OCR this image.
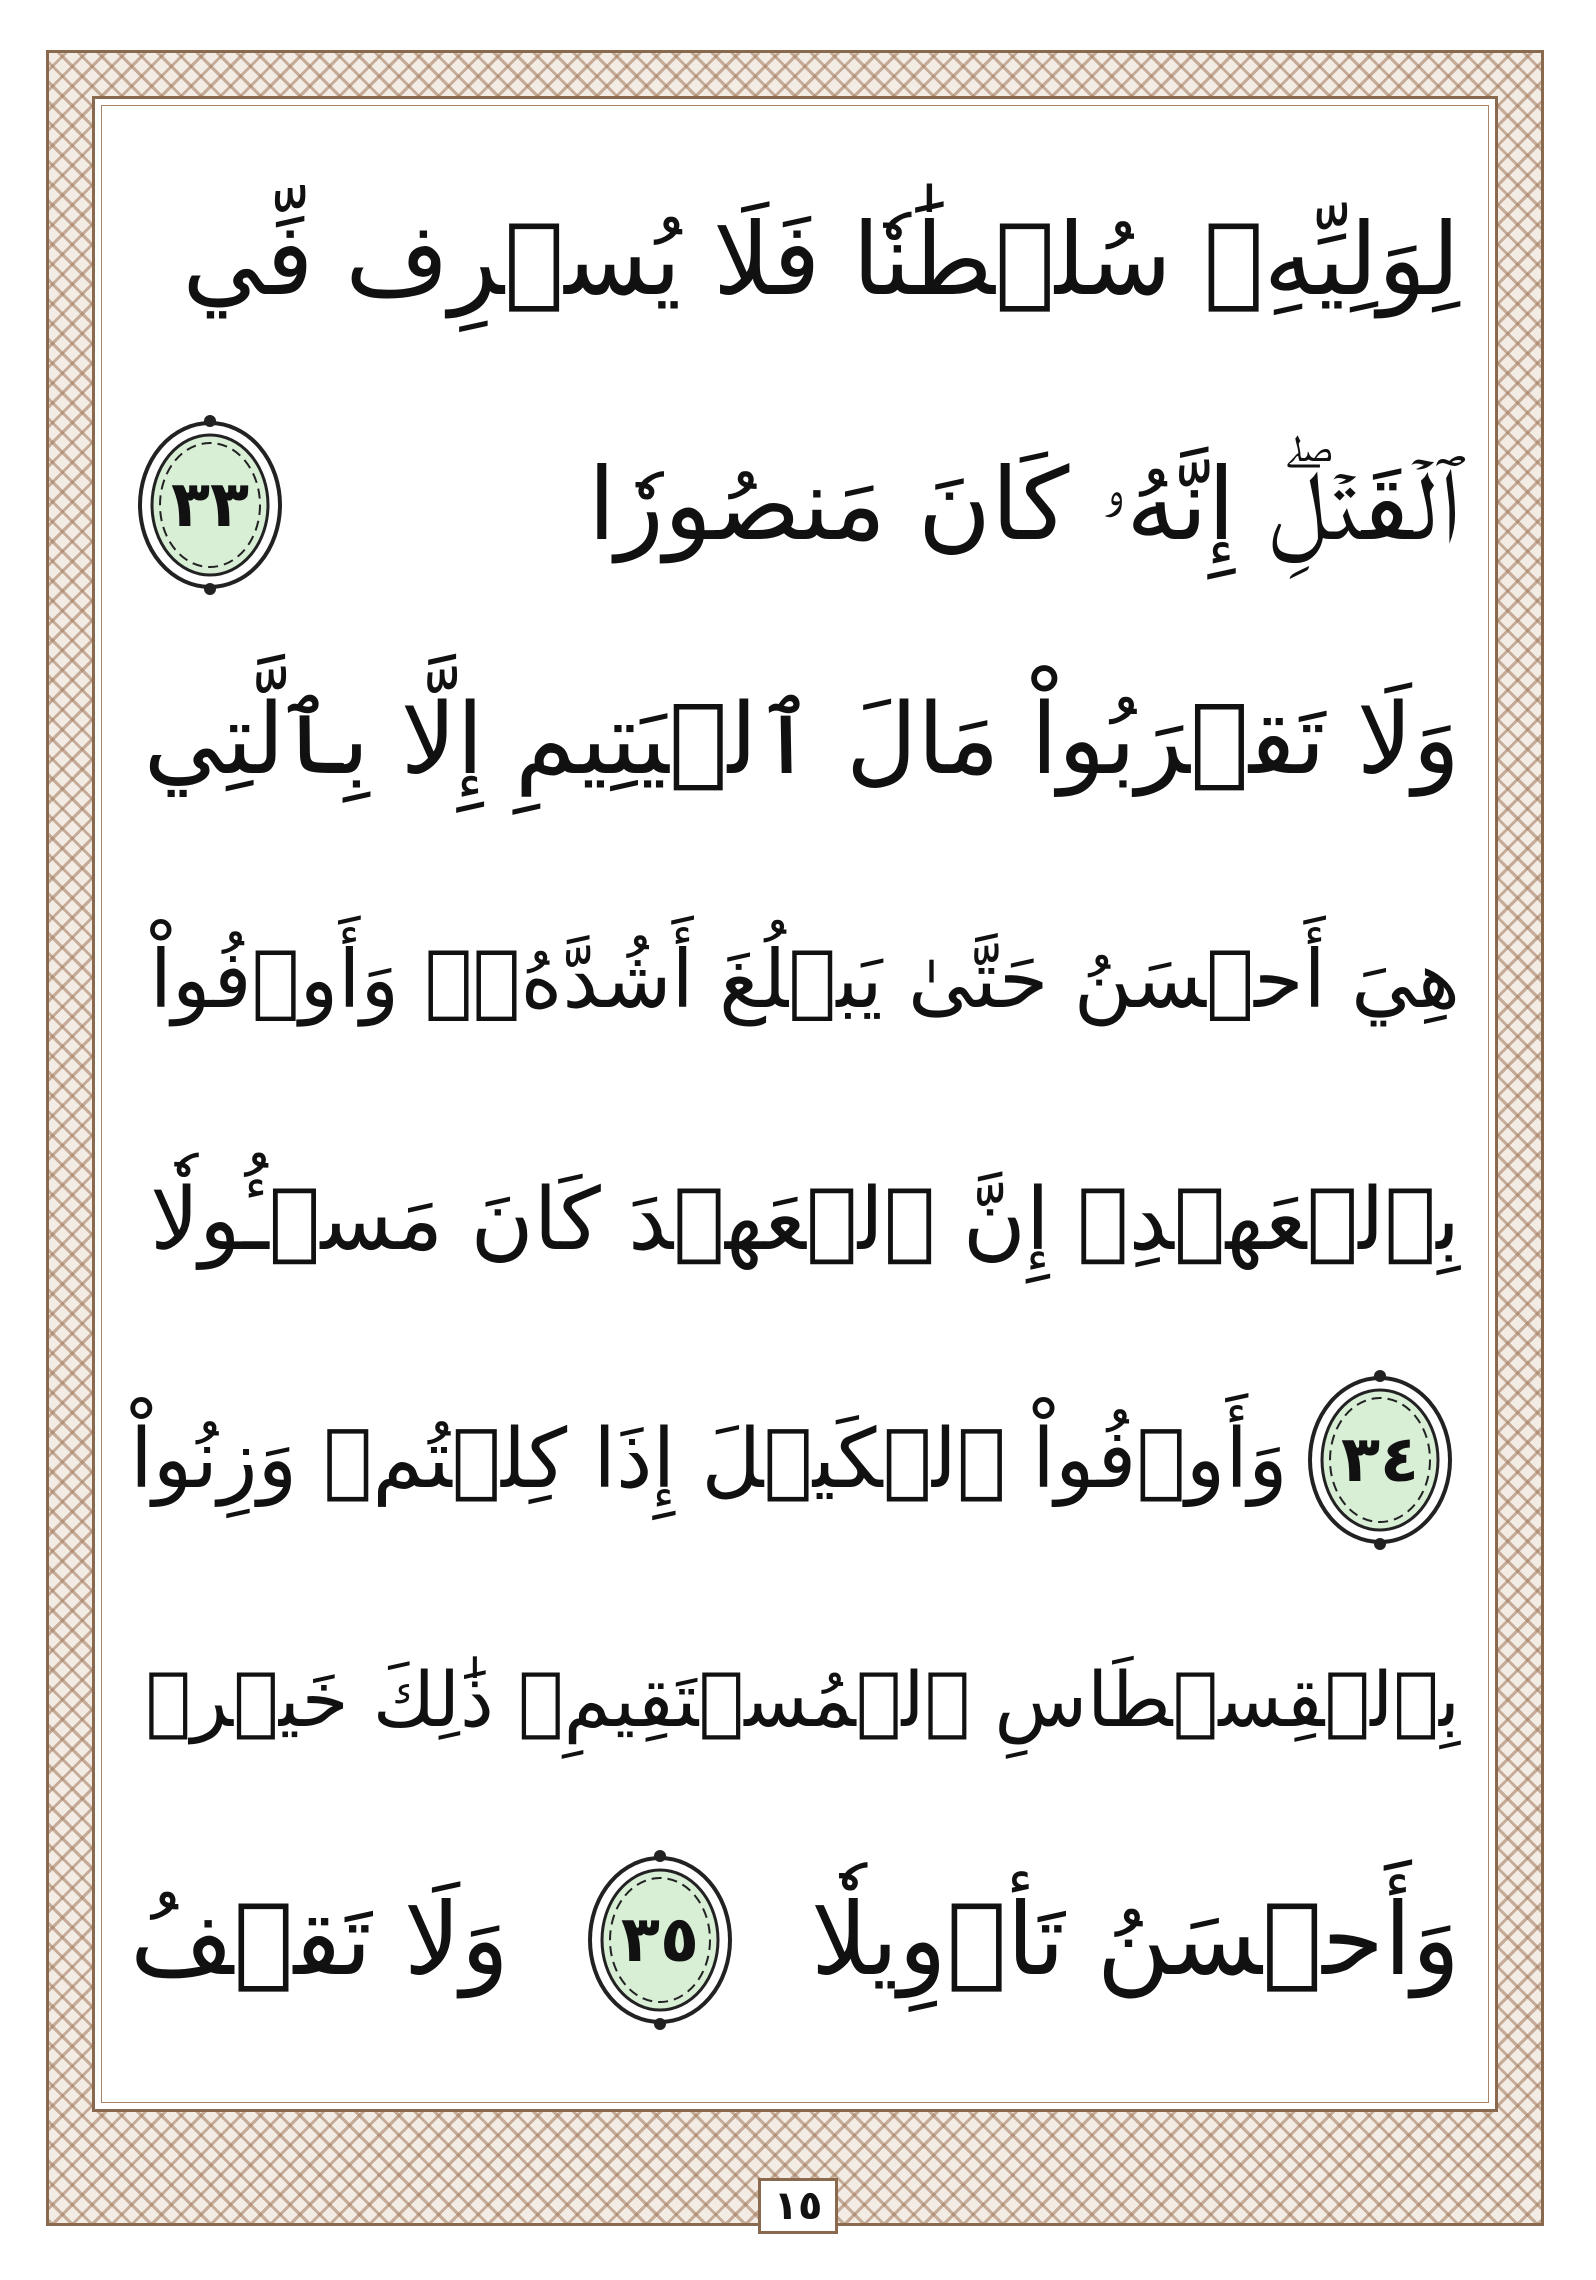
لِوَلِيِّهِۦ سُلۡطَٰنٗا فَلَا يُسۡرِف فِّي
ٱلۡقَتۡلِۖ إِنَّهُۥ كَانَ مَنصُورٗا
٣٣
وَلَا تَقۡرَبُواْ مَالَ ٱلۡيَتِيمِ إِلَّا بِٱلَّتِي
هِيَ أَحۡسَنُ حَتَّىٰ يَبۡلُغَ أَشُدَّهُۥۚ وَأَوۡفُواْ
بِٱلۡعَهۡدِۖ إِنَّ ٱلۡعَهۡدَ كَانَ مَسۡـُٔولٗا
٣٤
وَأَوۡفُواْ ٱلۡكَيۡلَ إِذَا كِلۡتُمۡ وَزِنُواْ
بِٱلۡقِسۡطَاسِ ٱلۡمُسۡتَقِيمِۚ ذَٰلِكَ خَيۡرٞ
وَأَحۡسَنُ تَأۡوِيلٗا
٣٥
وَلَا تَقۡفُ
١٥
